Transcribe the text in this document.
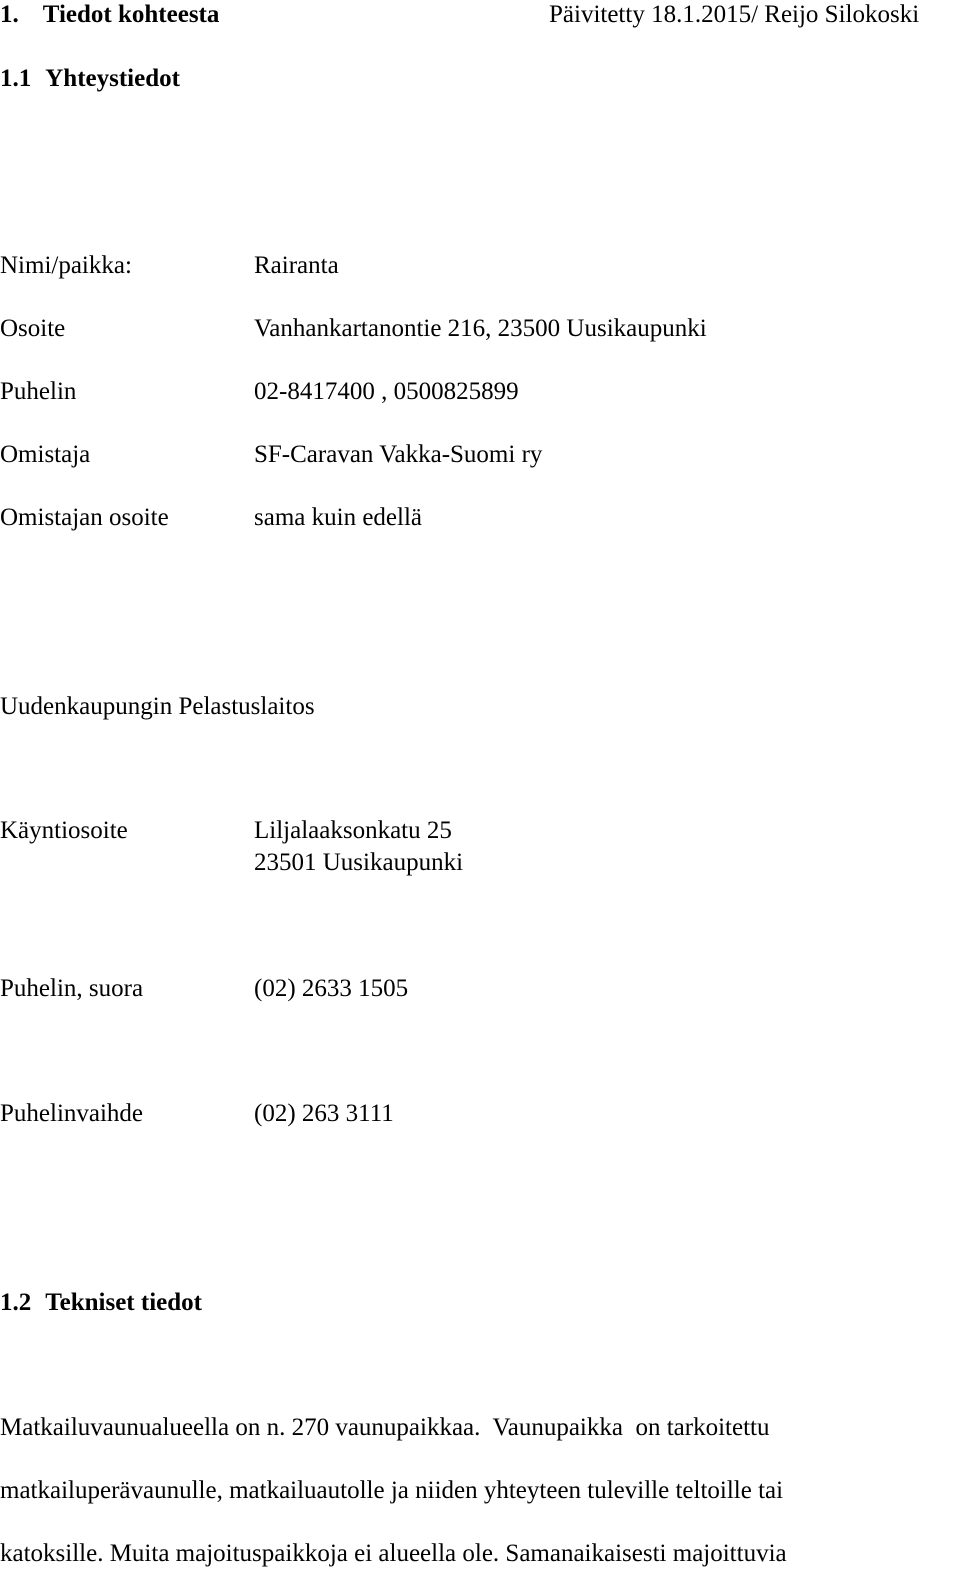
1. Tiedot kohteesta	Päivitetty 18.1.2015/ Reijo Silokoski
1.1 Yhteystiedot
Nimi/paikka:	Rairanta
Osoite	Vanhankartanontie 216, 23500 Uusikaupunki
Puhelin	02-8417400 , 0500825899
Omistaja	SF-Caravan Vakka-Suomi ry
Omistajan osoite	sama kuin edellä
Uudenkaupungin Pelastuslaitos
Käyntiosoite	Liljalaaksonkatu 25
23501 Uusikaupunki
Puhelin, suora	(02) 2633 1505
Puhelinvaihde	(02) 263 3111
1.2 Tekniset tiedot
Matkailuvaunualueella on n. 270 vaunupaikkaa.  Vaunupaikka  on tarkoitettu
matkailuperävaunulle, matkailuautolle ja niiden yhteyteen tuleville teltoille tai
katoksille. Muita majoituspaikkoja ei alueella ole. Samanaikaisesti majoittuvia
